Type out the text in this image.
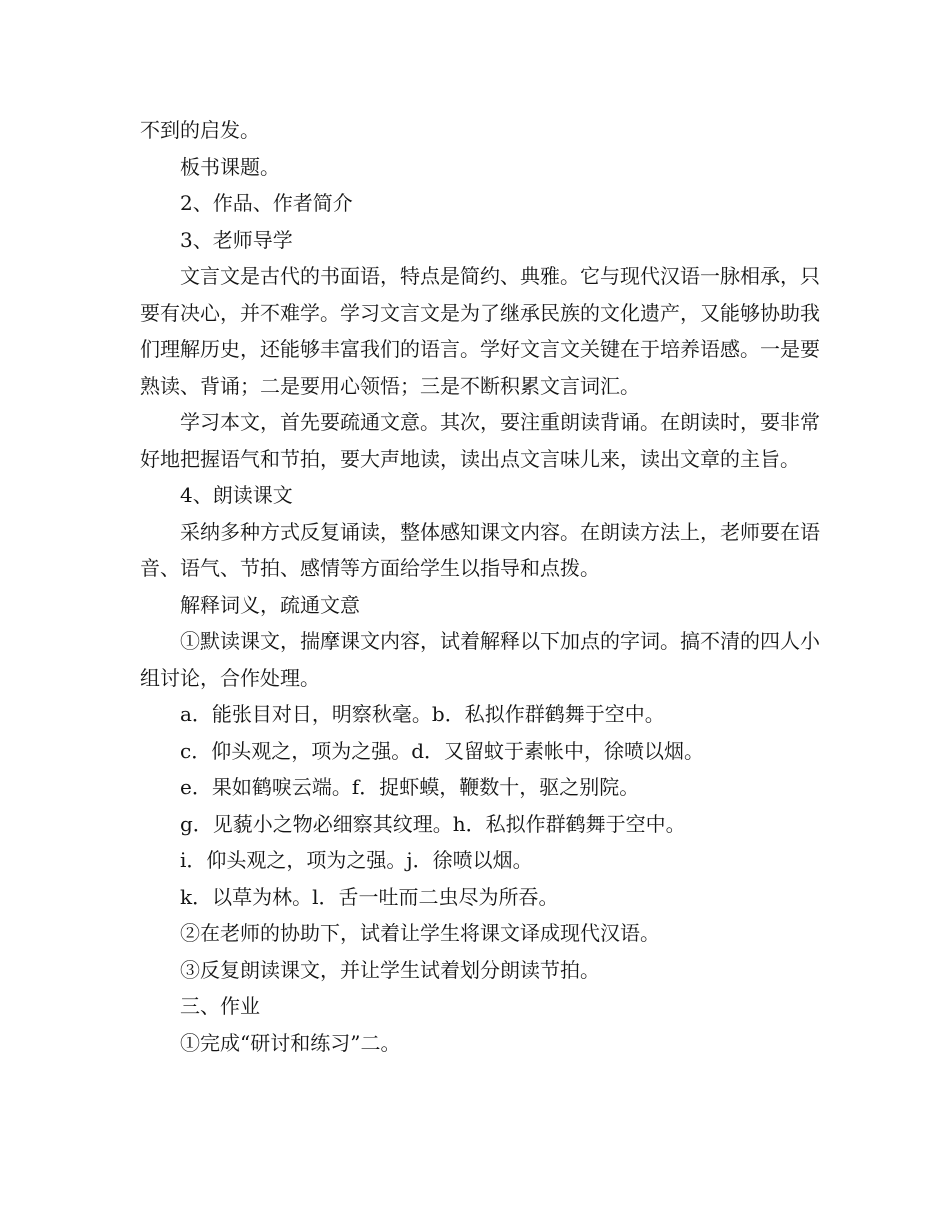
不到的启发。

板书课题。

2、作品、作者简介

3、老师导学

文言文是古代的书面语，特点是简约、典雅。它与现代汉语一脉相承，只要有决心，并不难学。学习文言文是为了继承民族的文化遗产，又能够协助我们理解历史，还能够丰富我们的语言。学好文言文关键在于培养语感。一是要熟读、背诵；二是要用心领悟；三是不断积累文言词汇。

学习本文，首先要疏通文意。其次，要注重朗读背诵。在朗读时，要非常好地把握语气和节拍，要大声地读，读出点文言味儿来，读出文章的主旨。

4、朗读课文

采纳多种方式反复诵读，整体感知课文内容。在朗读方法上，老师要在语音、语气、节拍、感情等方面给学生以指导和点拨。

解释词义，疏通文意

①默读课文，揣摩课文内容，试着解释以下加点的字词。搞不清的四人小组讨论，合作处理。

a．能张目对日，明察秋毫。b．私拟作群鹤舞于空中。

c．仰头观之，项为之强。d．又留蚊于素帐中，徐喷以烟。

e．果如鹤唳云端。f．捉虾蟆，鞭数十，驱之别院。

g．见藐小之物必细察其纹理。h．私拟作群鹤舞于空中。

i．仰头观之，项为之强。j．徐喷以烟。

k．以草为林。l．舌一吐而二虫尽为所吞。

②在老师的协助下，试着让学生将课文译成现代汉语。

③反复朗读课文，并让学生试着划分朗读节拍。

三、作业

①完成“研讨和练习”二。
